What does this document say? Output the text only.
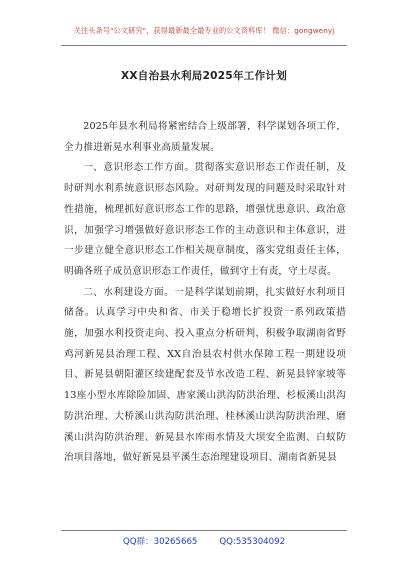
关注头条号"公文研究"，获得最新最全最专业的公文资料库！ 微信：gongwenyj
XX自治县水利局2025年工作计划

2025年县水利局将紧密结合上级部署，科学谋划各项工作，全力推进新晃水利事业高质量发展。

一、意识形态工作方面。贯彻落实意识形态工作责任制，及时研判水利系统意识形态风险。对研判发现的问题及时采取针对性措施，梳理抓好意识形态工作的思路，增强忧患意识、政治意识，加强学习增强做好意识形态工作的主动意识和主体意识，进一步建立健全意识形态工作相关规章制度，落实党组责任主体，明确各班子成员意识形态工作责任，做到守土有责，守土尽责。

二、水利建设方面。一是科学谋划前期，扎实做好水利项目储备。认真学习中央和省、市关于稳增长扩投资一系列政策措施，加强水利投资走向、投入重点分析研判，积极争取湖南省野鸡河新晃县治理工程、XX自治县农村供水保障工程一期建设项目、新晃县朝阳灌区续建配套及节水改造工程、新晃县锌家坡等13座小型水库除险加固、唐家溪山洪沟防洪治理、杉板溪山洪沟防洪治理、大桥溪山洪沟防洪治理、桂林溪山洪沟防洪治理、磨溪山洪沟防洪治理、新晃县水库雨水情及大坝安全监测、白蚁防治项目落地，做好新晃县平溪生态治理建设项目、湖南省新晃县

QQ群：30265665	QQ:535304092
